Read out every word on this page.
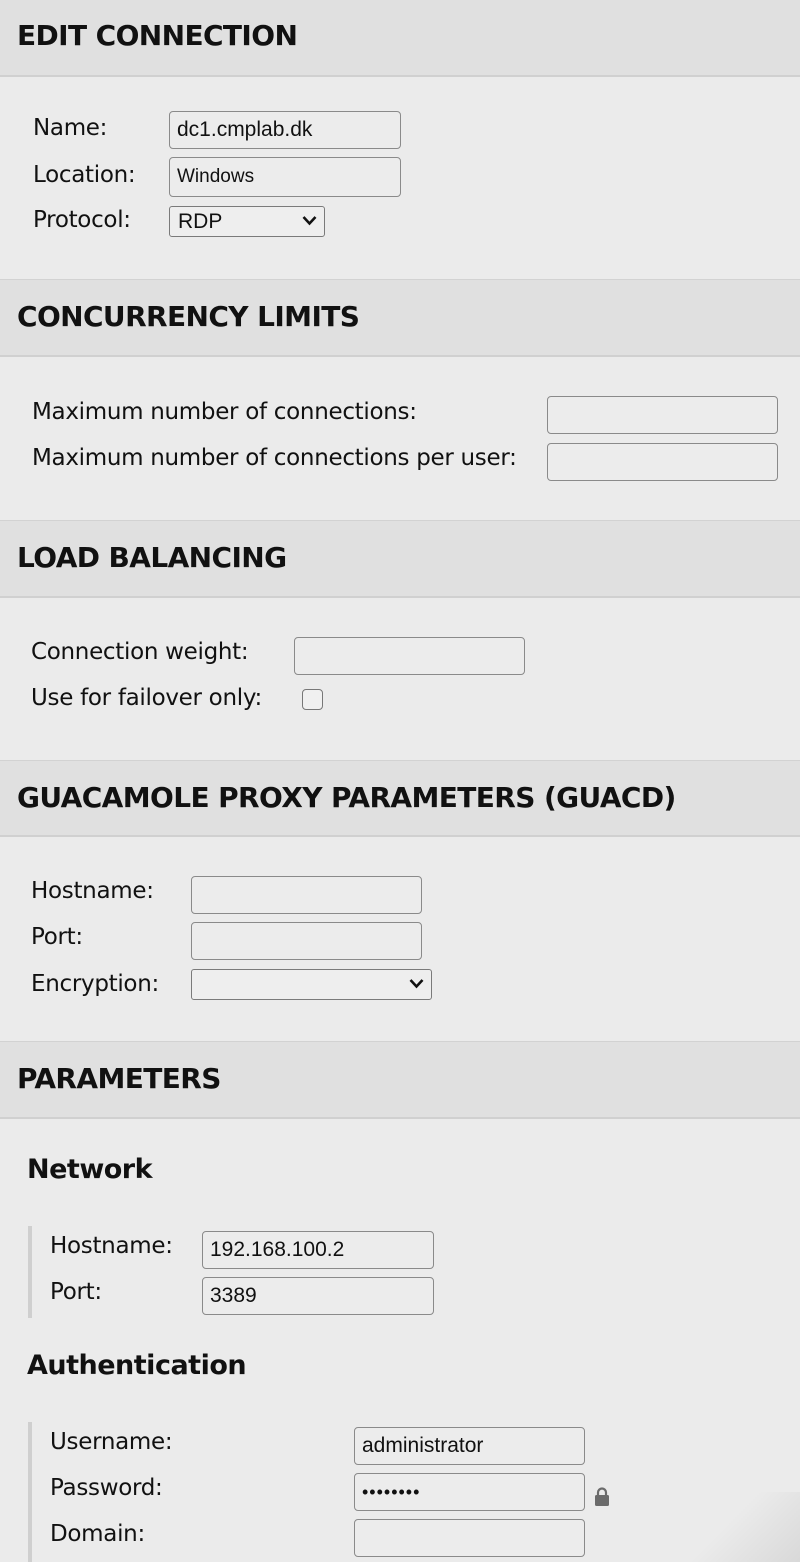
EDIT CONNECTION
Name:	dc1.cmplab.dk
Location:	Windows
Protocol: RDP
CONCURRENCY LIMITS
Maximum number of connections:
Maximum number of connections per user:
LOAD BALANCING
Connection weight:
Use for failover only:
GUACAMOLE PROXY PARAMETERS (GUACD)
Hostname:
Port:
Encryption:
PARAMETERS
Network
Hostname:	192.168.100.2
Port:	3389
Authentication
Username:	administrator
Password:	••••••••
Domain:
